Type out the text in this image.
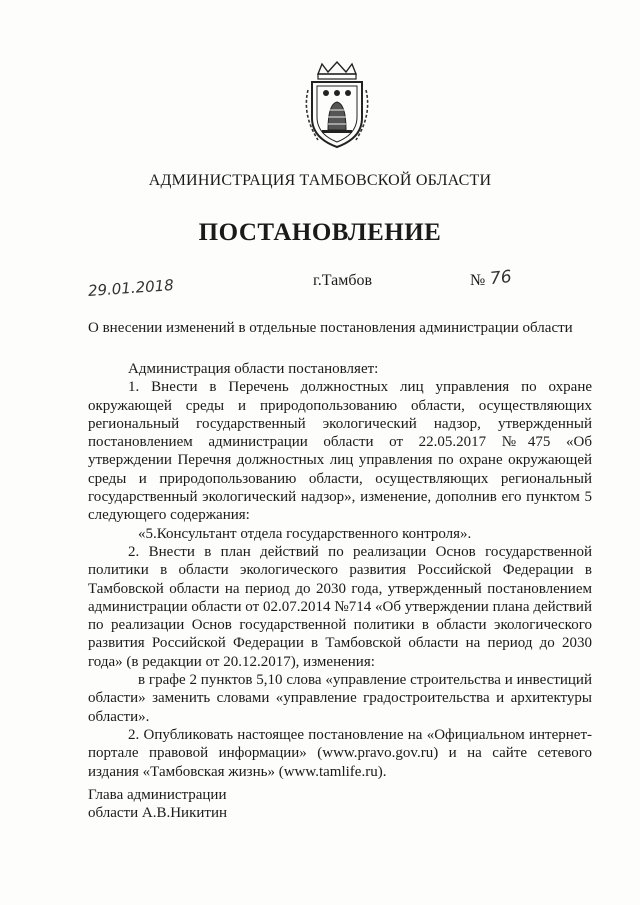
АДМИНИСТРАЦИЯ ТАМБОВСКОЙ ОБЛАСТИ
ПОСТАНОВЛЕНИЕ
29.01.2018	г.Тамбов	№ 76
О внесении изменений в отдельные постановления администрации области

Администрация области постановляет:

1. Внести в Перечень должностных лиц управления по охране окружающей среды и природопользованию области, осуществляющих региональный государственный экологический надзор, утвержденный постановлением администрации области от 22.05.2017 №475 «Об утверждении Перечня должностных лиц управления по охране окружающей среды и природопользованию области, осуществляющих региональный государственный экологический надзор», изменение, дополнив его пунктом 5 следующего содержания:

«5.Консультант отдела государственного контроля».

2. Внести в план действий по реализации Основ государственной политики в области экологического развития Российской Федерации в Тамбовской области на период до 2030 года, утвержденный постановлением администрации области от 02.07.2014 №714 «Об утверждении плана действий по реализации Основ государственной политики в области экологического развития Российской Федерации в Тамбовской области на период до 2030 года» (в редакции от 20.12.2017), изменения:

в графе 2 пунктов 5,10 слова «управление строительства и инвестиций области» заменить словами «управление градостроительства и архитектуры области».

2. Опубликовать настоящее постановление на «Официальном интернет-портале правовой информации» (www.pravo.gov.ru) и на сайте сетевого издания «Тамбовская жизнь» (www.tamlife.ru).

Глава администрации
области А.В.Никитин
